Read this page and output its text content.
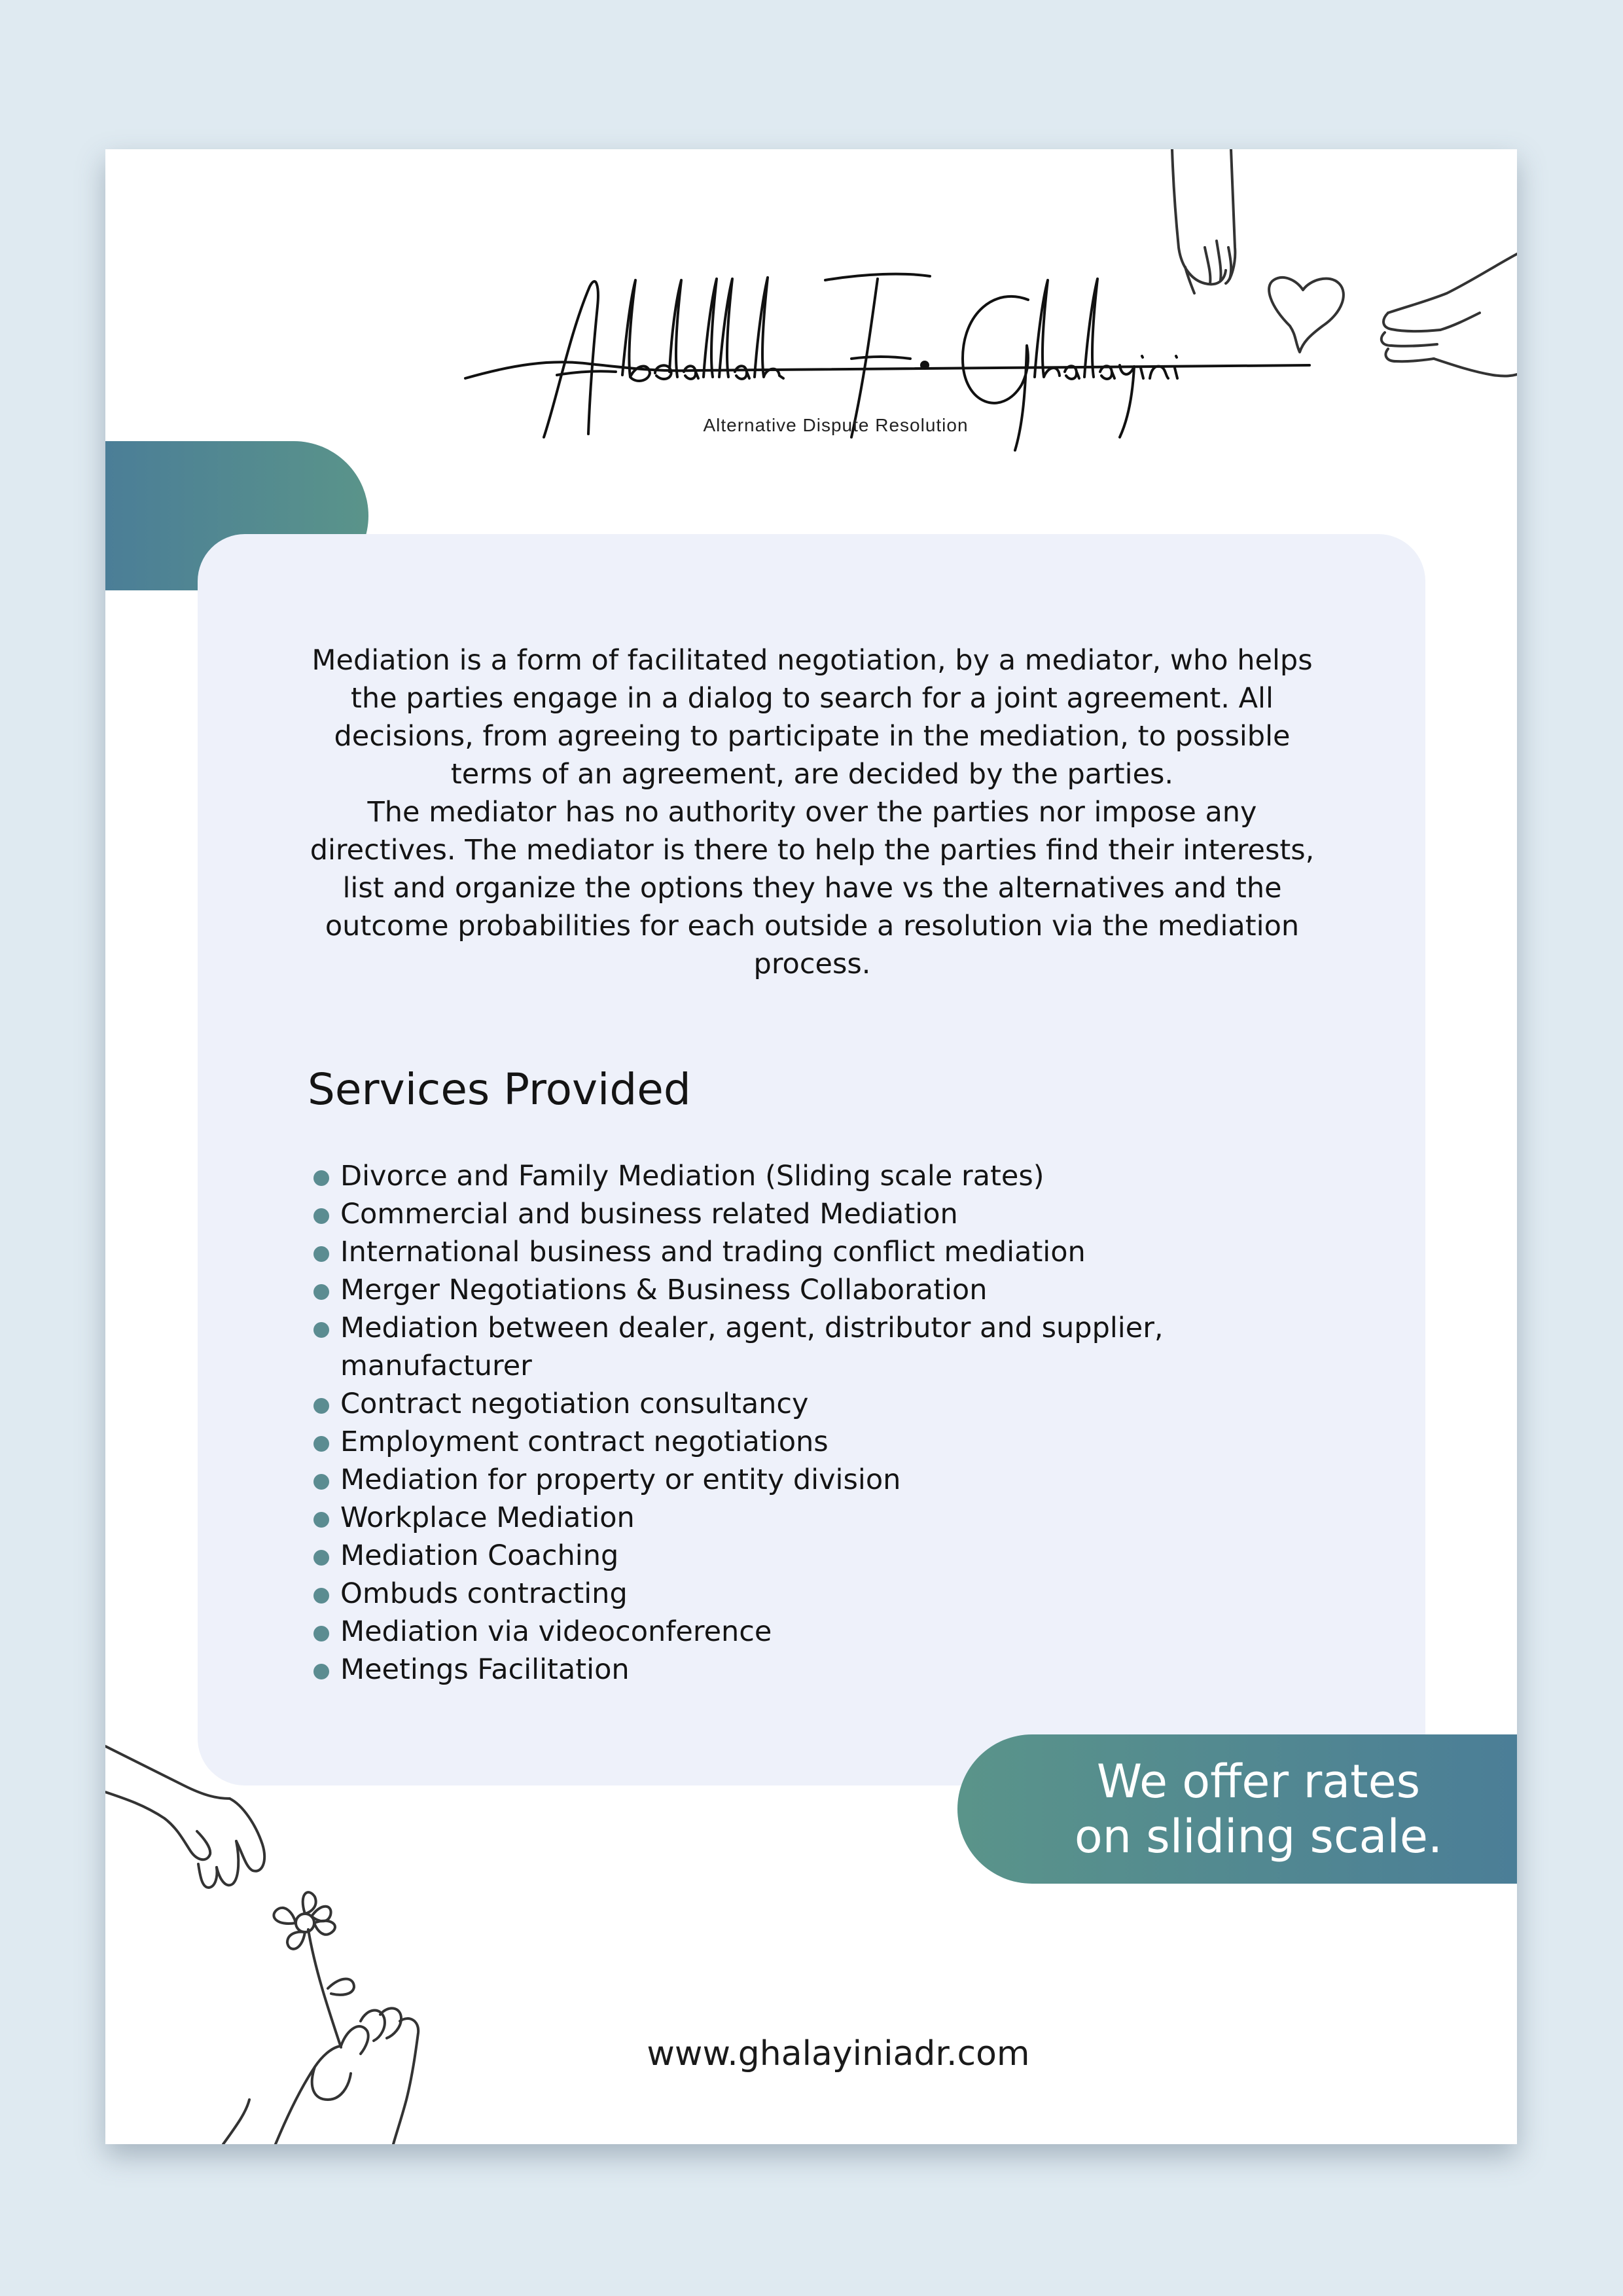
Alternative Dispute Resolution

Mediation is a form of facilitated negotiation, by a mediator, who helps the parties engage in a dialog to search for a joint agreement. All decisions, from agreeing to participate in the mediation, to possible terms of an agreement, are decided by the parties.

The mediator has no authority over the parties nor impose any directives. The mediator is there to help the parties find their interests, list and organize the options they have vs the alternatives and the outcome probabilities for each outside a resolution via the mediation process.

Services Provided
Divorce and Family Mediation (Sliding scale rates)
Commercial and business related Mediation
International business and trading conflict mediation
Merger Negotiations & Business Collaboration
Mediation between dealer, agent, distributor and supplier, manufacturer
Contract negotiation consultancy
Employment contract negotiations
Mediation for property or entity division
Workplace Mediation
Mediation Coaching
Ombuds contracting
Mediation via videoconference
Meetings Facilitation
We offer rates
on sliding scale.
www.ghalayiniadr.com
